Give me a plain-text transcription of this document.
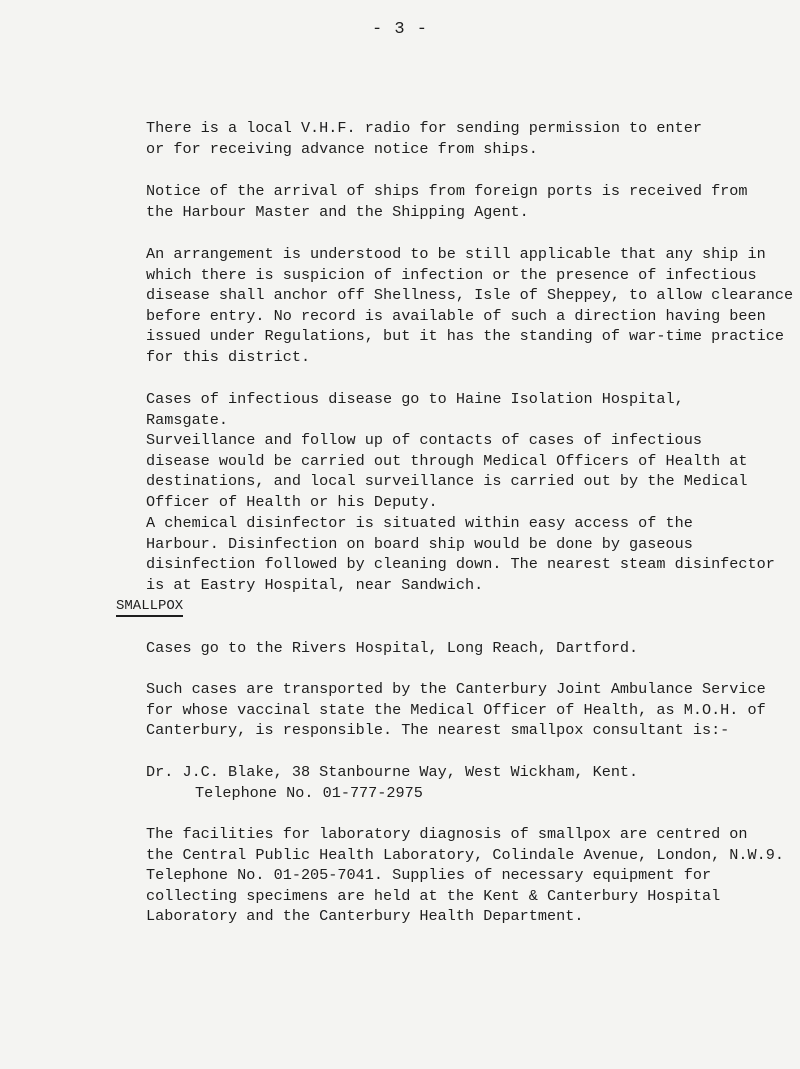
- 3 -

There is a local V.H.F. radio for sending permission to enter
or for receiving advance notice from ships.

Notice of the arrival of ships from foreign ports is received from
the Harbour Master and the Shipping Agent.

An arrangement is understood to be still applicable that any ship in
which there is suspicion of infection or the presence of infectious
disease shall anchor off Shellness, Isle of Sheppey, to allow clearance
before entry. No record is available of such a direction having been
issued under Regulations, but it has the standing of war-time practice
for this district.

Cases of infectious disease go to Haine Isolation Hospital,
Ramsgate.

Surveillance and follow up of contacts of cases of infectious
disease would be carried out through Medical Officers of Health at
destinations, and local surveillance is carried out by the Medical
Officer of Health or his Deputy.

A chemical disinfector is situated within easy access of the
Harbour. Disinfection on board ship would be done by gaseous
disinfection followed by cleaning down. The nearest steam disinfector
is at Eastry Hospital, near Sandwich.

SMALLPOX

Cases go to the Rivers Hospital, Long Reach, Dartford.

Such cases are transported by the Canterbury Joint Ambulance Service
for whose vaccinal state the Medical Officer of Health, as M.O.H. of
Canterbury, is responsible. The nearest smallpox consultant is:-

Dr. J.C. Blake, 38 Stanbourne Way, West Wickham, Kent.
Telephone No. 01-777-2975

The facilities for laboratory diagnosis of smallpox are centred on
the Central Public Health Laboratory, Colindale Avenue, London, N.W.9.
Telephone No. 01-205-7041. Supplies of necessary equipment for
collecting specimens are held at the Kent & Canterbury Hospital
Laboratory and the Canterbury Health Department.
